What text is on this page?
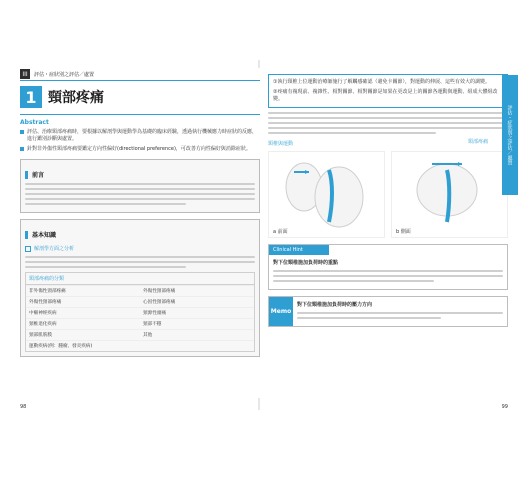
III	評估・症狀別之評估／處置
1 頸部疼痛
Abstract
評估、治療頸部疼痛時，要根據以解剖學與運動學為基礎的臨床經驗，透過執行機械應力時症狀的反應，進行鑑別診斷與處置。
針對非外傷性頸部疼痛要鑑定方向性偏好(directional preference)，可改善方向性偏好與消除症狀。
前言
基本知識
解剖學方面之分析
頸部疼痛的分類
非外傷性頸部疼痛	外傷性頸部疼痛
外傷性頸部疼痛	心因性頸部疼痛
中樞神經疾病	頸源性頭痛
頸椎退化疾病	頸部不穩
頸部肌筋膜	其他
運動疾病(例：腫瘤、發炎疾病)
98
頸部疼痛
①執行頸椎上位運動治療師施行了解觸感確認（避免卡關節），對運動的伸展、這些有效大的調變。
②疼痛有複現前、複雜性、相對關節、相對關節是如果在更改是上的關節各運動與運動、組成大體組改變。
頸椎與運動
a 前面	b 側面
Clinical Hint
對下位頸椎施加負荷時的重點
Memo
對下位頸椎施加負荷時的壓力方向
99
評估・症狀別之評估／處置
